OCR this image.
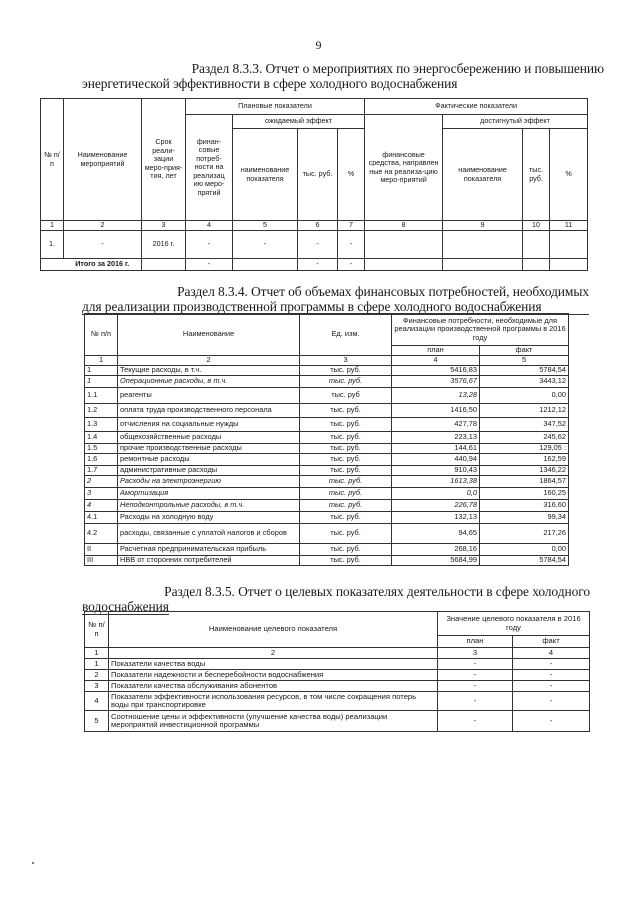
9
Раздел 8.3.3. Отчет о мероприятиях по энергосбережению и повышению
энергетической эффективности в сфере холодного водоснабжения
№ п/п	Наименование мероприятий	Срок реали-зации меро-прия-тия, лет	Плановые показатели				Фактические показатели			
			финан-совые потреб-ности на реализац ию меро-прятий	ожидаемый эффект			финансовые средства, направлен ные на реализа-цию меро-приятий	достигнутый эффект		
				наименование показателя	тыс. руб.	%		наименование показателя	тыс. руб.	%
1	2	3	4	5	6	7	8	9	10	11
1.	-	2016 г.	-	-	-	-				
	Итого за 2016 г.		-		-	-				
Раздел 8.3.4. Отчет об объемах финансовых потребностей, необходимых
для реализации производственной программы в сфере холодного водоснабжения
№ п/п	Наименование	Ед. изм.	Финансовые потребности, необходимые для реализации производственной программы в 2016 году	
			план	факт
1	2	3	4	5
1	Текущие расходы, в т.ч.	тыс. руб.	5416,83	5784,54
1	Операционные расходы, в т.ч.	тыс. руб.	3576,67	3443,12
1.1	реагенты	тыс. руб	13,28	0,00
1.2	оплата труда производственного персонала	тыс. руб.	1416,50	1212,12
1.3	отчисления на социальные нужды	тыс. руб.	427,78	347,52
1.4	общехозяйственные расходы	тыс. руб.	223,13	245,62
1.5	прочие производственные расходы	тыс. руб.	144,61	129,05 :
1.6	ремонтные расходы	тыс. руб.	440,94	162,59
1.7	административные расходы	тыс. руб.	910,43	1346,22
2	Расходы на электроэнергию	тыс. руб.	1613,38	1864,57
3	Амортизация	тыс. руб.	0,0	160,25
4	Неподконтрольные расходы, в т.ч.	тыс. руб.	226,78	316,60
4.1	Расходы на холодную воду	тыс. руб.	132,13	99,34
4.2	расходы, связанные с уплатой налогов и сборов	тыс. руб.	94,65	217,26
II	Расчетная предпринимательская прибыль	тыс. руб.	268,16	0,00
III	НВВ от сторонних потребителей	тыс. руб.	5684,99	5784,54
Раздел 8.3.5. Отчет о целевых показателях деятельности в сфере холодного
водоснабжения
№ п/п	Наименование целевого показателя	Значение целевого показателя в 2016 году	
		план	факт
1	2	3	4
1	Показатели качества воды	-	-
2	Показатели надежности и бесперебойности водоснабжения	-	-
3	Показатели качества обслуживания абонентов	-	-
4	Показатели эффективности использования ресурсов, в том числе сокращения потерь воды при транспортировке	-	-
5	Соотношение цены и эффективности (улучшение качества воды) реализации мероприятий инвестиционной программы	-	-
